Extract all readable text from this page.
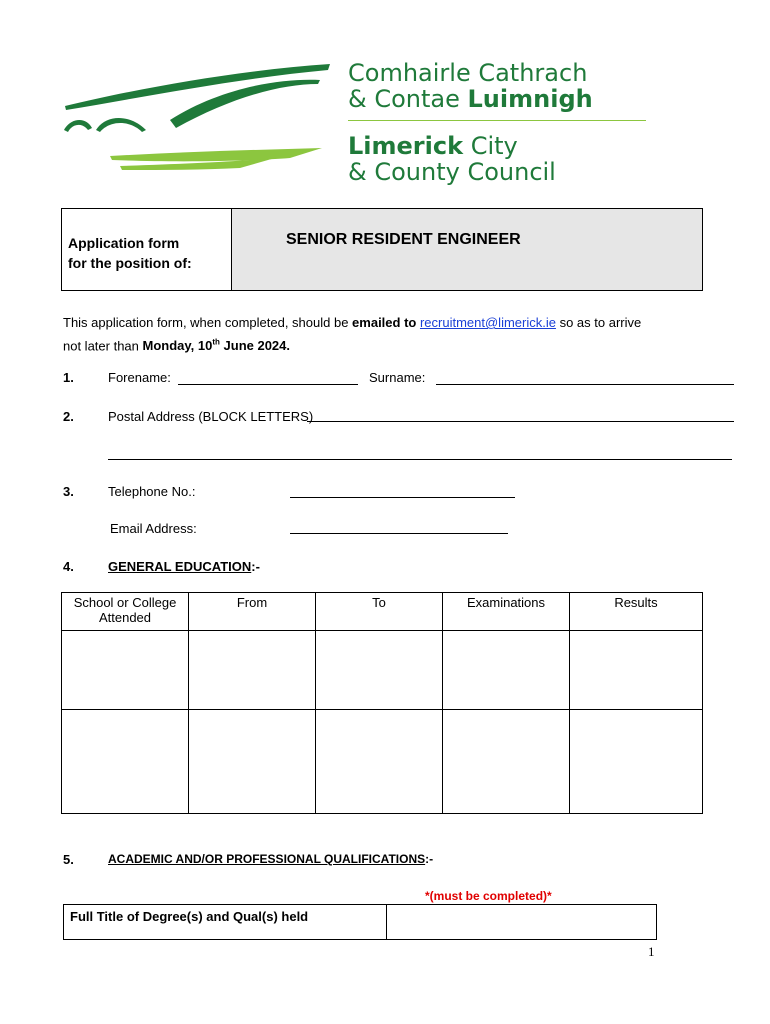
Comhairle Cathrach
& Contae Luimnigh
Limerick City
& County Council
Application form
for the position of:
SENIOR RESIDENT ENGINEER
This application form, when completed, should be emailed to recruitment@limerick.ie so as to arrive
not later than Monday, 10th June 2024.
1.	Forename:	Surname:
2.	Postal Address (BLOCK LETTERS)
3.	Telephone No.:
Email Address:
4.	GENERAL EDUCATION:-
School or College Attended	From	To	Examinations	Results

5.	ACADEMIC AND/OR PROFESSIONAL QUALIFICATIONS:-
*(must be completed)*
Full Title of Degree(s) and Qual(s) held
1
